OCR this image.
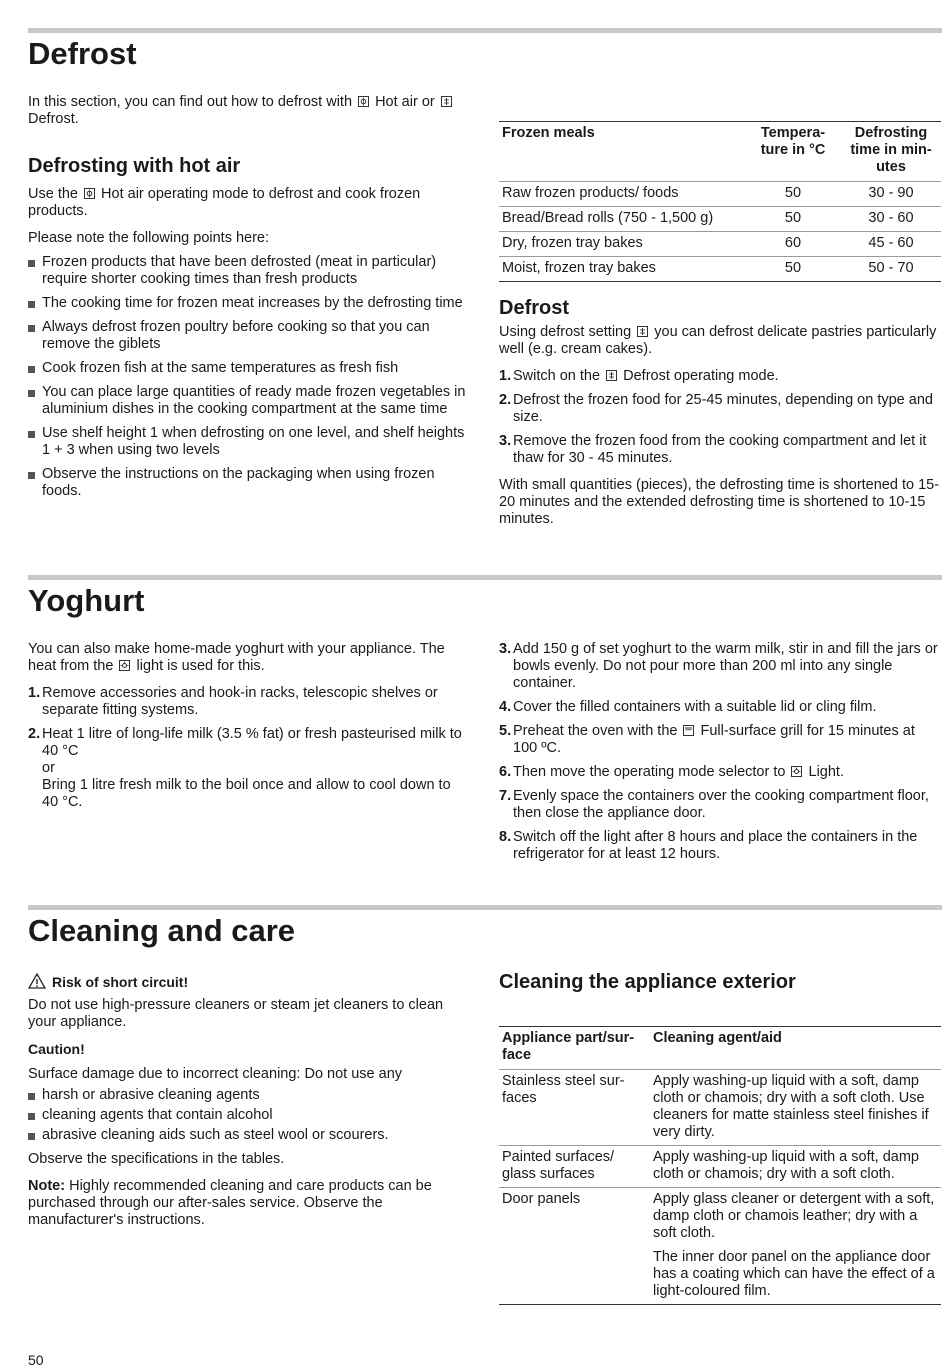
Defrost

In this section, you can find out how to defrost with Hot air or
Defrost.

Defrosting with hot air

Use the Hot air operating mode to defrost and cook frozen products.

Please note the following points here:

Frozen products that have been defrosted (meat in particular) require shorter cooking times than fresh products
The cooking time for frozen meat increases by the defrosting time
Always defrost frozen poultry before cooking so that you can remove the giblets
Cook frozen fish at the same temperatures as fresh fish
You can place large quantities of ready made frozen vegetables in aluminium dishes in the cooking compartment at the same time
Use shelf height 1 when defrosting on one level, and shelf heights 1 + 3 when using two levels
Observe the instructions on the packaging when using frozen foods.
Frozen meals	Tempera-ture in °C	Defrosting time in min-utes
Raw frozen products/ foods	50	30 - 90
Bread/Bread rolls (750 - 1,500 g)	50	30 - 60
Dry, frozen tray bakes	60	45 - 60
Moist, frozen tray bakes	50	50 - 70
Defrost

Using defrost setting you can defrost delicate pastries particularly well (e.g. cream cakes).

1. Switch on the Defrost operating mode.
2. Defrost the frozen food for 25-45 minutes, depending on type and size.
3. Remove the frozen food from the cooking compartment and let it thaw for 30 - 45 minutes.

With small quantities (pieces), the defrosting time is shortened to 15-20 minutes and the extended defrosting time is shortened to 10-15 minutes.

Yoghurt

You can also make home-made yoghurt with your appliance. The heat from the light is used for this.

1. Remove accessories and hook-in racks, telescopic shelves or separate fitting systems.
2. Heat 1 litre of long-life milk (3.5 % fat) or fresh pasteurised milk to 40 °C
or
Bring 1 litre fresh milk to the boil once and allow to cool down to 40 °C.
3. Add 150 g of set yoghurt to the warm milk, stir in and fill the jars or bowls evenly. Do not pour more than 200 ml into any single container.
4. Cover the filled containers with a suitable lid or cling film.
5. Preheat the oven with the Full-surface grill for 15 minutes at 100 ºC.
6. Then move the operating mode selector to Light.
7. Evenly space the containers over the cooking compartment floor, then close the appliance door.
8. Switch off the light after 8 hours and place the containers in the refrigerator for at least 12 hours.
Cleaning and care
Risk of short circuit!

Do not use high-pressure cleaners or steam jet cleaners to clean your appliance.

Caution!

Surface damage due to incorrect cleaning: Do not use any

harsh or abrasive cleaning agents
cleaning agents that contain alcohol
abrasive cleaning aids such as steel wool or scourers.

Observe the specifications in the tables.

Note: Highly recommended cleaning and care products can be purchased through our after-sales service. Observe the manufacturer's instructions.

Cleaning the appliance exterior
Appliance part/sur-face	Cleaning agent/aid
Stainless steel sur-faces	Apply washing-up liquid with a soft, damp cloth or chamois; dry with a soft cloth. Use cleaners for matte stainless steel finishes if very dirty.
Painted surfaces/ glass surfaces	Apply washing-up liquid with a soft, damp cloth or chamois; dry with a soft cloth.
Door panels	Apply glass cleaner or detergent with a soft, damp cloth or chamois leather; dry with a soft cloth.
The inner door panel on the appliance door has a coating which can have the effect of a light-coloured film.
50
